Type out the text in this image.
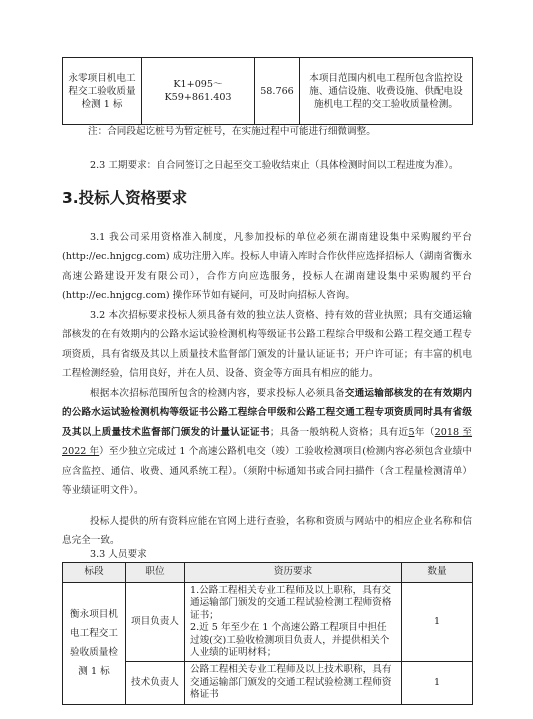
永零项目机电工程交工验收质量检测 1 标	K1+095～K59+861.403	58.766	本项目范围内机电工程所包含监控设施、通信设施、收费设施、供配电设施机电工程的交工验收质量检测。
注：合同段起讫桩号为暂定桩号，在实施过程中可能进行细微调整。
2.3 工期要求：自合同签订之日起至交工验收结束止（具体检测时间以工程进度为准）。
3.投标人资格要求
3.1 我公司采用资格准入制度，凡参加投标的单位必须在湖南建设集中采购履约平台(http://ec.hnjgcg.com) 成功注册入库。投标人申请入库时合作伙伴应选择招标人（湖南省衡永高速公路建设开发有限公司），合作方向应选服务，投标人在湖南建设集中采购履约平台(http://ec.hnjgcg.com) 操作环节如有疑问，可及时向招标人咨询。
3.2 本次招标要求投标人须具备有效的独立法人资格、持有效的营业执照；具有交通运输部核发的在有效期内的公路水运试验检测机构等级证书公路工程综合甲级和公路工程交通工程专项资质，具有省级及其以上质量技术监督部门颁发的计量认证证书；开户许可证；有丰富的机电工程检测经验，信用良好，并在人员、设备、资金等方面具有相应的能力。
根据本次招标范围所包含的检测内容，要求投标人必须具备交通运输部核发的在有效期内的公路水运试验检测机构等级证书公路工程综合甲级和公路工程交通工程专项资质同时具有省级及其以上质量技术监督部门颁发的计量认证证书；具备一般纳税人资格；具有近5年（2018 至 2022 年）至少独立完成过 1 个高速公路机电交（竣）工验收检测项目(检测内容必须包含业绩中应含监控、通信、收费、通风系统工程）。（须附中标通知书或合同扫描件（含工程量检测清单）等业绩证明文件）。
投标人提供的所有资料应能在官网上进行查验，名称和资质与网站中的相应企业名称和信息完全一致。
3.3 人员要求
标段	职位	资历要求	数量
衡永项目机电工程交工验收质量检测 1 标	项目负责人	1.公路工程相关专业工程师及以上职称，具有交通运输部门颁发的交通工程试验检测工程师资格证书；
2.近 5 年至少在 1 个高速公路工程项目中担任过竣(交)工验收检测项目负责人，并提供相关个人业绩的证明材料；	1
	技术负责人	公路工程相关专业工程师及以上技术职称，具有交通运输部门颁发的交通工程试验检测工程师资格证书	1
